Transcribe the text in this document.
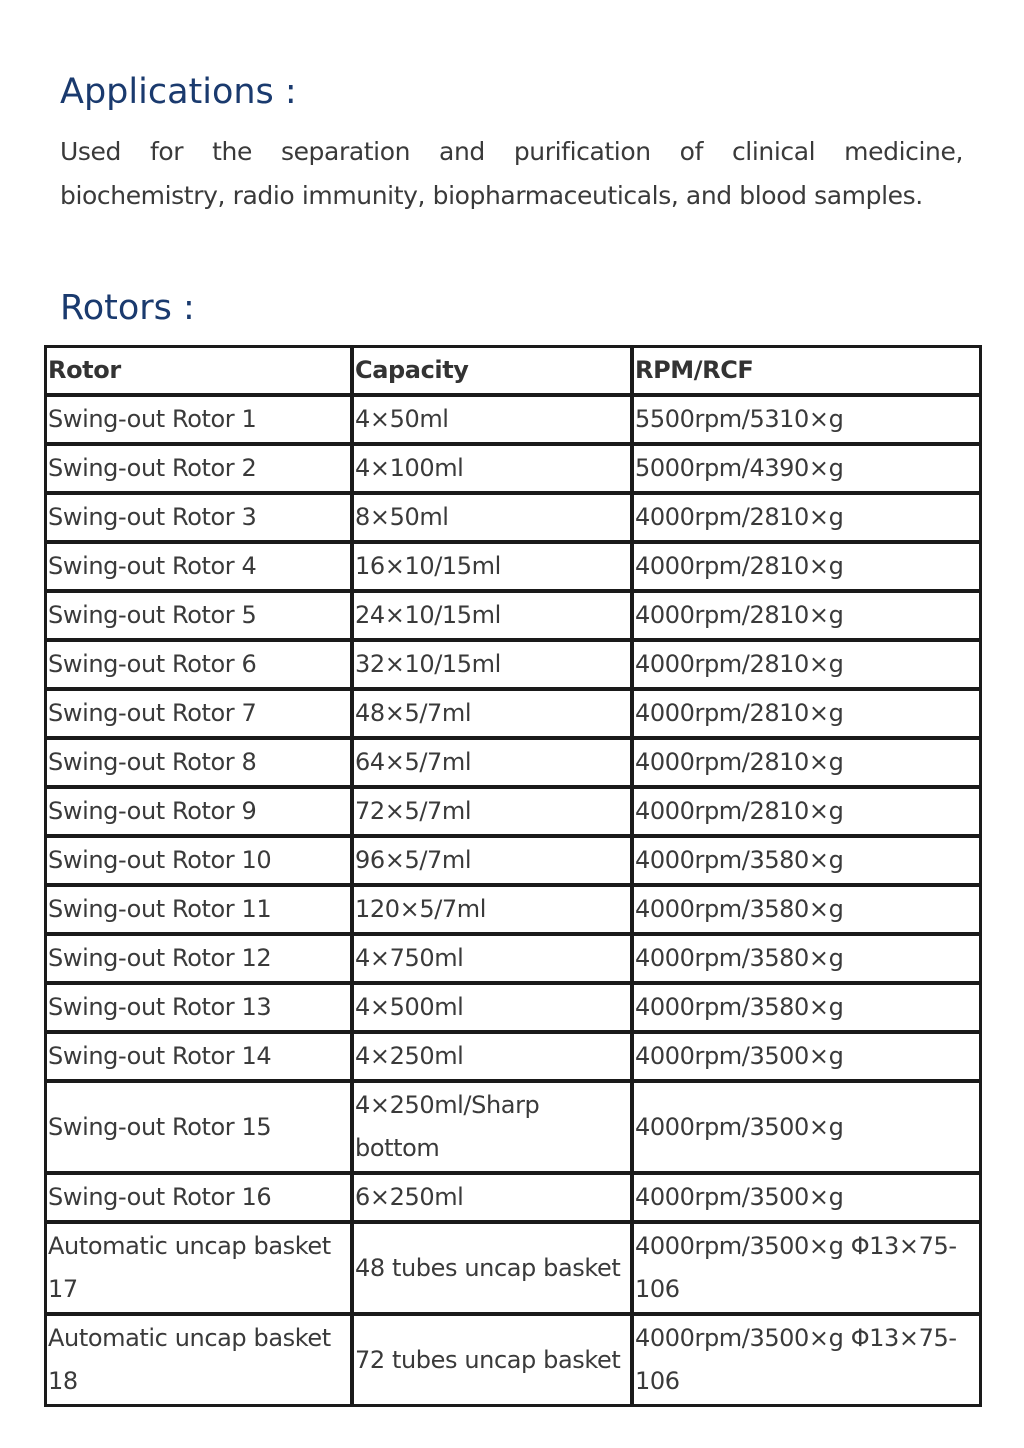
Applications :

Used for the separation and purification of clinical medicine, biochemistry, radio immunity, biopharmaceuticals, and blood samples.

Rotors :
Rotor	Capacity	RPM/RCF
Swing-out Rotor 1	4×50ml	5500rpm/5310×g
Swing-out Rotor 2	4×100ml	5000rpm/4390×g
Swing-out Rotor 3	8×50ml	4000rpm/2810×g
Swing-out Rotor 4	16×10/15ml	4000rpm/2810×g
Swing-out Rotor 5	24×10/15ml	4000rpm/2810×g
Swing-out Rotor 6	32×10/15ml	4000rpm/2810×g
Swing-out Rotor 7	48×5/7ml	4000rpm/2810×g
Swing-out Rotor 8	64×5/7ml	4000rpm/2810×g
Swing-out Rotor 9	72×5/7ml	4000rpm/2810×g
Swing-out Rotor 10	96×5/7ml	4000rpm/3580×g
Swing-out Rotor 11	120×5/7ml	4000rpm/3580×g
Swing-out Rotor 12	4×750ml	4000rpm/3580×g
Swing-out Rotor 13	4×500ml	4000rpm/3580×g
Swing-out Rotor 14	4×250ml	4000rpm/3500×g
Swing-out Rotor 15	4×250ml/Sharp bottom	4000rpm/3500×g
Swing-out Rotor 16	6×250ml	4000rpm/3500×g
Automatic uncap basket 17	48 tubes uncap basket	4000rpm/3500×g Φ13×75-106
Automatic uncap basket 18	72 tubes uncap basket	4000rpm/3500×g Φ13×75-106
